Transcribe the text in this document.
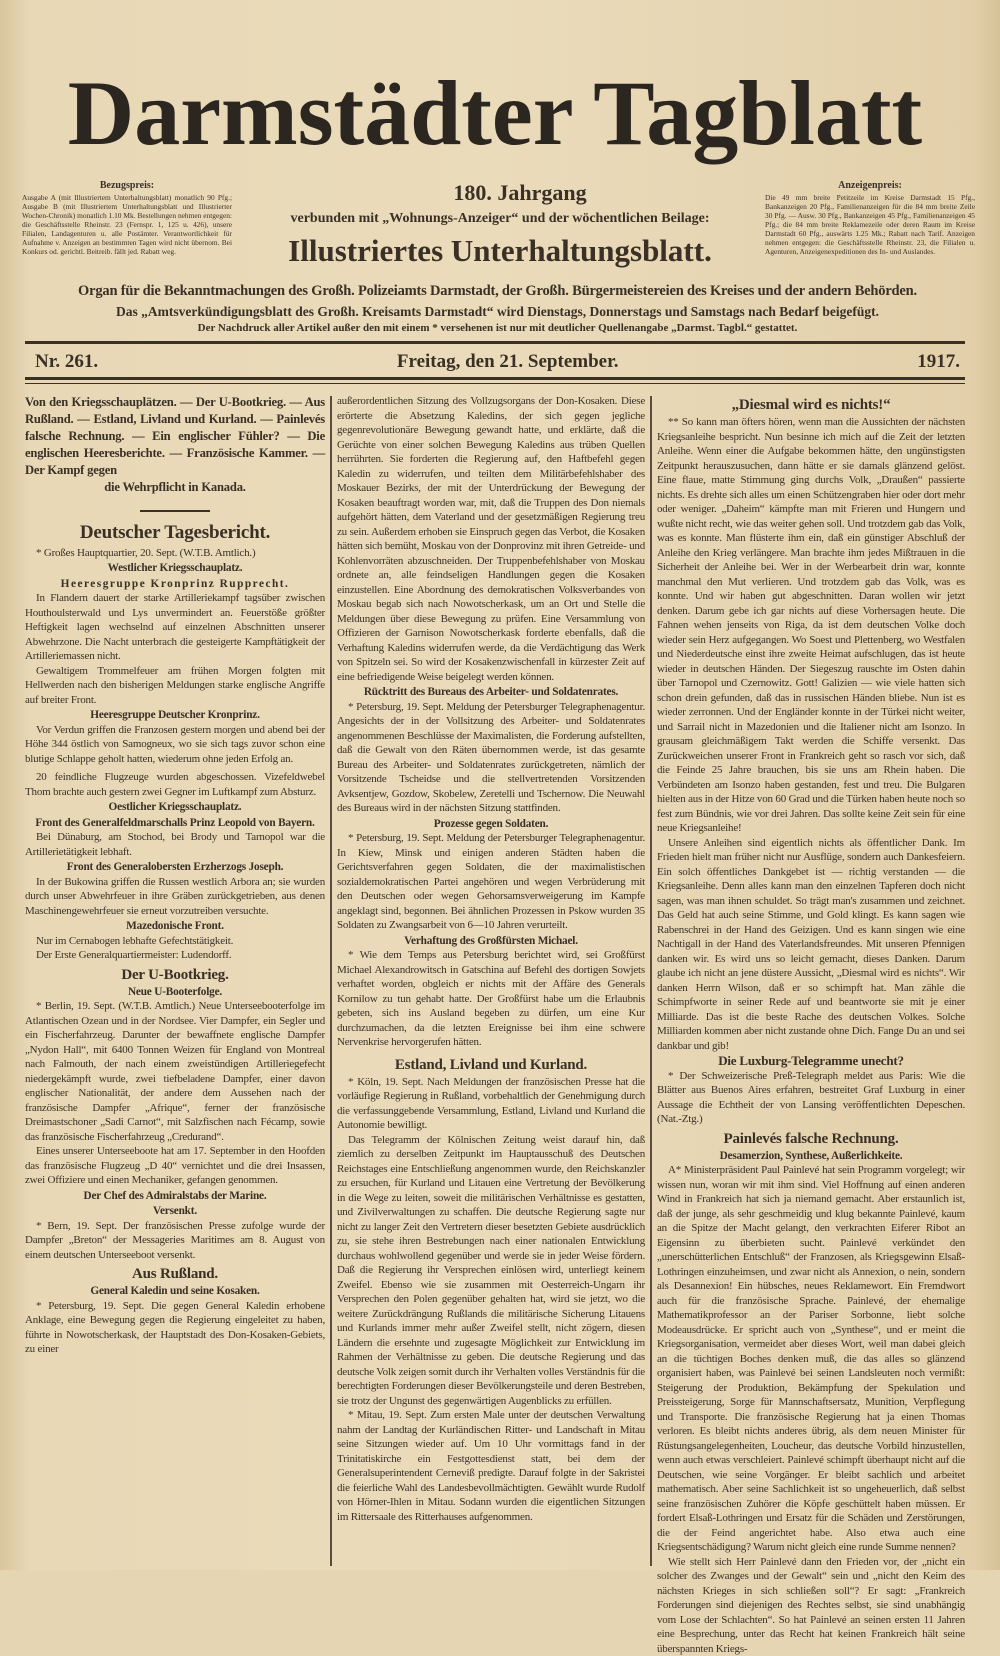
Darmstädter Tagblatt
Bezugspreis:
Ausgabe A (mit Illustriertem Unterhaltungsblatt) monatlich 90 Pfg.; Ausgabe B (mit Illustriertem Unterhaltungsblatt und Illustrierter Wochen-Chronik) monatlich 1.10 Mk. Bestellungen nehmen entgegen: die Geschäftsstelle Rheinstr. 23 (Fernspr. 1, 125 u. 426), unsere Filialen, Landagenturen u. alle Postämter. Verantwortlichkeit für Aufnahme v. Anzeigen an bestimmten Tagen wird nicht übernom. Bei Konkurs od. gerichtl. Beitreib. fällt jed. Rabatt weg.
Anzeigenpreis:
Die 49 mm breite Petitzeile im Kreise Darmstadt 15 Pfg., Bankanzeigen 20 Pfg., Familienanzeigen für die 84 mm breite Zeile 30 Pfg. — Ausw. 30 Pfg., Bankanzeigen 45 Pfg., Familienanzeigen 45 Pfg.; die 84 mm breite Reklamezeile oder deren Raum im Kreise Darmstadt 60 Pfg., auswärts 1.25 Mk.; Rabatt nach Tarif. Anzeigen nehmen entgegen: die Geschäftsstelle Rheinstr. 23, die Filialen u. Agenturen, Anzeigenexpeditionen des In- und Auslandes.
180. Jahrgang
verbunden mit „Wohnungs-Anzeiger“ und der wöchentlichen Beilage:
Illustriertes Unterhaltungsblatt.
Organ für die Bekanntmachungen des Großh. Polizeiamts Darmstadt, der Großh. Bürgermeistereien des Kreises und der andern Behörden.
Das „Amtsverkündigungsblatt des Großh. Kreisamts Darmstadt“ wird Dienstags, Donnerstags und Samstags nach Bedarf beigefügt.
Der Nachdruck aller Artikel außer den mit einem * versehenen ist nur mit deutlicher Quellenangabe „Darmst. Tagbl.“ gestattet.
Nr. 261.	Freitag, den 21. September.	1917.

Von den Kriegsschauplätzen. — Der U-Bootkrieg. — Aus Rußland. — Estland, Livland und Kurland. — Painlevés falsche Rechnung. — Ein englischer Fühler? — Die englischen Heeresberichte. — Französische Kammer. — Der Kampf gegen

die Wehrpflicht in Kanada.
Deutscher Tagesbericht.

* Großes Hauptquartier, 20. Sept. (W.T.B. Amtlich.)

Westlicher Kriegsschauplatz.
Heeresgruppe Kronprinz Rupprecht.

In Flandern dauert der starke Artilleriekampf tagsüber zwischen Houthoulsterwald und Lys unvermindert an. Feuerstöße größter Heftigkeit lagen wechselnd auf einzelnen Abschnitten unserer Abwehrzone. Die Nacht unterbrach die gesteigerte Kampftätigkeit der Artilleriemassen nicht.

Gewaltigem Trommelfeuer am frühen Morgen folgten mit Hellwerden nach den bisherigen Meldungen starke englische Angriffe auf breiter Front.

Heeresgruppe Deutscher Kronprinz.

Vor Verdun griffen die Franzosen gestern morgen und abend bei der Höhe 344 östlich von Samogneux, wo sie sich tags zuvor schon eine blutige Schlappe geholt hatten, wiederum ohne jeden Erfolg an.

20 feindliche Flugzeuge wurden abgeschossen. Vizefeldwebel Thom brachte auch gestern zwei Gegner im Luftkampf zum Absturz.

Oestlicher Kriegsschauplatz.
Front des Generalfeldmarschalls Prinz Leopold von Bayern.

Bei Dünaburg, am Stochod, bei Brody und Tarnopol war die Artillerietätigkeit lebhaft.

Front des Generalobersten Erzherzogs Joseph.

In der Bukowina griffen die Russen westlich Arbora an; sie wurden durch unser Abwehrfeuer in ihre Gräben zurückgetrieben, aus denen Maschinengewehrfeuer sie erneut vorzutreiben versuchte.

Mazedonische Front.

Nur im Cernabogen lebhafte Gefechtstätigkeit.

Der Erste Generalquartiermeister: Ludendorff.

Der U-Bootkrieg.
Neue U-Booterfolge.

* Berlin, 19. Sept. (W.T.B. Amtlich.) Neue Unterseebooterfolge im Atlantischen Ozean und in der Nordsee. Vier Dampfer, ein Segler und ein Fischerfahrzeug. Darunter der bewaffnete englische Dampfer „Nydon Hall“, mit 6400 Tonnen Weizen für England von Montreal nach Falmouth, der nach einem zweistündigen Artilleriegefecht niedergekämpft wurde, zwei tiefbeladene Dampfer, einer davon englischer Nationalität, der andere dem Aussehen nach der französische Dampfer „Afrique“, ferner der französische Dreimastschoner „Sadi Carnot“, mit Salzfischen nach Fécamp, sowie das französische Fischerfahrzeug „Credurand“.

Eines unserer Unterseeboote hat am 17. September in den Hoofden das französische Flugzeug „D 40“ vernichtet und die drei Insassen, zwei Offiziere und einen Mechaniker, gefangen genommen.

Der Chef des Admiralstabs der Marine.
Versenkt.

* Bern, 19. Sept. Der französischen Presse zufolge wurde der Dampfer „Breton“ der Messageries Maritimes am 8. August von einem deutschen Unterseeboot versenkt.

Aus Rußland.
General Kaledin und seine Kosaken.

* Petersburg, 19. Sept. Die gegen General Kaledin erhobene Anklage, eine Bewegung gegen die Regierung eingeleitet zu haben, führte in Nowotscherkask, der Hauptstadt des Don-Kosaken-Gebiets, zu einer

außerordentlichen Sitzung des Vollzugsorgans der Don-Kosaken. Diese erörterte die Absetzung Kaledins, der sich gegen jegliche gegenrevolutionäre Bewegung gewandt hatte, und erklärte, daß die Gerüchte von einer solchen Bewegung Kaledins aus trüben Quellen herrührten. Sie forderten die Regierung auf, den Haftbefehl gegen Kaledin zu widerrufen, und teilten dem Militärbefehlshaber des Moskauer Bezirks, der mit der Unterdrückung der Bewegung der Kosaken beauftragt worden war, mit, daß die Truppen des Don niemals aufgehört hätten, dem Vaterland und der gesetzmäßigen Regierung treu zu sein. Außerdem erhoben sie Einspruch gegen das Verbot, die Kosaken hätten sich bemüht, Moskau von der Donprovinz mit ihren Getreide- und Kohlenvorräten abzuschneiden. Der Truppenbefehlshaber von Moskau ordnete an, alle feindseligen Handlungen gegen die Kosaken einzustellen. Eine Abordnung des demokratischen Volksverbandes von Moskau begab sich nach Nowotscherkask, um an Ort und Stelle die Meldungen über diese Bewegung zu prüfen. Eine Versammlung von Offizieren der Garnison Nowotscherkask forderte ebenfalls, daß die Verhaftung Kaledins widerrufen werde, da die Verdächtigung das Werk von Spitzeln sei. So wird der Kosakenzwischenfall in kürzester Zeit auf eine befriedigende Weise beigelegt werden können.

Rücktritt des Bureaus des Arbeiter- und Soldatenrates.

* Petersburg, 19. Sept. Meldung der Petersburger Telegraphenagentur. Angesichts der in der Vollsitzung des Arbeiter- und Soldatenrates angenommenen Beschlüsse der Maximalisten, die Forderung aufstellten, daß die Gewalt von den Räten übernommen werde, ist das gesamte Bureau des Arbeiter- und Soldatenrates zurückgetreten, nämlich der Vorsitzende Tscheidse und die stellvertretenden Vorsitzenden Avksentjew, Gozdow, Skobelew, Zeretelli und Tschernow. Die Neuwahl des Bureaus wird in der nächsten Sitzung stattfinden.

Prozesse gegen Soldaten.

* Petersburg, 19. Sept. Meldung der Petersburger Telegraphenagentur. In Kiew, Minsk und einigen anderen Städten haben die Gerichtsverfahren gegen Soldaten, die der maximalistischen sozialdemokratischen Partei angehören und wegen Verbrüderung mit den Deutschen oder wegen Gehorsamsverweigerung im Kampfe angeklagt sind, begonnen. Bei ähnlichen Prozessen in Pskow wurden 35 Soldaten zu Zwangsarbeit von 6—10 Jahren verurteilt.

Verhaftung des Großfürsten Michael.

* Wie dem Temps aus Petersburg berichtet wird, sei Großfürst Michael Alexandrowitsch in Gatschina auf Befehl des dortigen Sowjets verhaftet worden, obgleich er nichts mit der Affäre des Generals Kornilow zu tun gehabt hatte. Der Großfürst habe um die Erlaubnis gebeten, sich ins Ausland begeben zu dürfen, um eine Kur durchzumachen, da die letzten Ereignisse bei ihm eine schwere Nervenkrise hervorgerufen hätten.

Estland, Livland und Kurland.

* Köln, 19. Sept. Nach Meldungen der französischen Presse hat die vorläufige Regierung in Rußland, vorbehaltlich der Genehmigung durch die verfassunggebende Versammlung, Estland, Livland und Kurland die Autonomie bewilligt.

Das Telegramm der Kölnischen Zeitung weist darauf hin, daß ziemlich zu derselben Zeitpunkt im Hauptausschuß des Deutschen Reichstages eine Entschließung angenommen wurde, den Reichskanzler zu ersuchen, für Kurland und Litauen eine Vertretung der Bevölkerung in die Wege zu leiten, soweit die militärischen Verhältnisse es gestatten, und Zivilverwaltungen zu schaffen. Die deutsche Regierung sagte nur nicht zu langer Zeit den Vertretern dieser besetzten Gebiete ausdrücklich zu, sie stehe ihren Bestrebungen nach einer nationalen Entwicklung durchaus wohlwollend gegenüber und werde sie in jeder Weise fördern. Daß die Regierung ihr Versprechen einlösen wird, unterliegt keinem Zweifel. Ebenso wie sie zusammen mit Oesterreich-Ungarn ihr Versprechen den Polen gegenüber gehalten hat, wird sie jetzt, wo die weitere Zurückdrängung Rußlands die militärische Sicherung Litauens und Kurlands immer mehr außer Zweifel stellt, nicht zögern, diesen Ländern die ersehnte und zugesagte Möglichkeit zur Entwicklung im Rahmen der Verhältnisse zu geben. Die deutsche Regierung und das deutsche Volk zeigen somit durch ihr Verhalten volles Verständnis für die berechtigten Forderungen dieser Bevölkerungsteile und deren Bestreben, sie trotz der Ungunst des gegenwärtigen Augenblicks zu erfüllen.

* Mitau, 19. Sept. Zum ersten Male unter der deutschen Verwaltung nahm der Landtag der Kurländischen Ritter- und Landschaft in Mitau seine Sitzungen wieder auf. Um 10 Uhr vormittags fand in der Trinitatiskirche ein Festgottesdienst statt, bei dem der Generalsuperintendent Cerneviß predigte. Darauf folgte in der Sakristei die feierliche Wahl des Landesbevollmächtigten. Gewählt wurde Rudolf von Hörner-Ihlen in Mitau. Sodann wurden die eigentlichen Sitzungen im Rittersaale des Ritterhauses aufgenommen.

„Diesmal wird es nichts!“

** So kann man öfters hören, wenn man die Aussichten der nächsten Kriegsanleihe bespricht. Nun besinne ich mich auf die Zeit der letzten Anleihe. Wenn einer die Aufgabe bekommen hätte, den ungünstigsten Zeitpunkt herauszusuchen, dann hätte er sie damals glänzend gelöst. Eine flaue, matte Stimmung ging durchs Volk, „Draußen“ passierte nichts. Es drehte sich alles um einen Schützengraben hier oder dort mehr oder weniger. „Daheim“ kämpfte man mit Frieren und Hungern und wußte nicht recht, wie das weiter gehen soll. Und trotzdem gab das Volk, was es konnte. Man flüsterte ihm ein, daß ein günstiger Abschluß der Anleihe den Krieg verlängere. Man brachte ihm jedes Mißtrauen in die Sicherheit der Anleihe bei. Wer in der Werbearbeit drin war, konnte manchmal den Mut verlieren. Und trotzdem gab das Volk, was es konnte. Und wir haben gut abgeschnitten. Daran wollen wir jetzt denken. Darum gebe ich gar nichts auf diese Vorhersagen heute. Die Fahnen wehen jenseits von Riga, da ist dem deutschen Volke doch wieder sein Herz aufgegangen. Wo Soest und Plettenberg, wo Westfalen und Niederdeutsche einst ihre zweite Heimat aufschlugen, das ist heute wieder in deutschen Händen. Der Siegeszug rauschte im Osten dahin über Tarnopol und Czernowitz. Gott! Galizien — wie viele hatten sich schon drein gefunden, daß das in russischen Händen bliebe. Nun ist es wieder zerronnen. Und der Engländer konnte in der Türkei nicht weiter, und Sarrail nicht in Mazedonien und die Italiener nicht am Isonzo. In grausam gleichmäßigem Takt werden die Schiffe versenkt. Das Zurückweichen unserer Front in Frankreich geht so rasch vor sich, daß die Feinde 25 Jahre brauchen, bis sie uns am Rhein haben. Die Verbündeten am Isonzo haben gestanden, fest und treu. Die Bulgaren hielten aus in der Hitze von 60 Grad und die Türken haben heute noch so fest zum Bündnis, wie vor drei Jahren. Das sollte keine Zeit sein für eine neue Kriegsanleihe!

Unsere Anleihen sind eigentlich nichts als öffentlicher Dank. Im Frieden hielt man früher nicht nur Ausflüge, sondern auch Dankesfeiern. Ein solch öffentliches Dankgebet ist — richtig verstanden — die Kriegsanleihe. Denn alles kann man den einzelnen Tapferen doch nicht sagen, was man ihnen schuldet. So trägt man's zusammen und zeichnet. Das Geld hat auch seine Stimme, und Gold klingt. Es kann sagen wie Rabenschrei in der Hand des Geizigen. Und es kann singen wie eine Nachtigall in der Hand des Vaterlandsfreundes. Mit unseren Pfennigen danken wir. Es wird uns so leicht gemacht, dieses Danken. Darum glaube ich nicht an jene düstere Aussicht, „Diesmal wird es nichts“. Wir danken Herrn Wilson, daß er so schimpft hat. Man zähle die Schimpfworte in seiner Rede auf und beantworte sie mit je einer Milliarde. Das ist die beste Rache des deutschen Volkes. Solche Milliarden kommen aber nicht zustande ohne Dich. Fange Du an und sei dankbar und gib!

Die Luxburg-Telegramme unecht?

* Der Schweizerische Preß-Telegraph meldet aus Paris: Wie die Blätter aus Buenos Aires erfahren, bestreitet Graf Luxburg in einer Aussage die Echtheit der von Lansing veröffentlichten Depeschen. (Nat.-Ztg.)

Painlevés falsche Rechnung.
Desamerzion, Synthese, Außerlichkeite.

A* Ministerpräsident Paul Painlevé hat sein Programm vorgelegt; wir wissen nun, woran wir mit ihm sind. Viel Hoffnung auf einen anderen Wind in Frankreich hat sich ja niemand gemacht. Aber erstaunlich ist, daß der junge, als sehr geschmeidig und klug bekannte Painlevé, kaum an die Spitze der Macht gelangt, den verkrachten Eiferer Ribot an Eigensinn zu überbieten sucht. Painlevé verkündet den „unerschütterlichen Entschluß“ der Franzosen, als Kriegsgewinn Elsaß-Lothringen einzuheimsen, und zwar nicht als Annexion, o nein, sondern als Desannexion! Ein hübsches, neues Reklamewort. Ein Fremdwort auch für die französische Sprache. Painlevé, der ehemalige Mathematikprofessor an der Pariser Sorbonne, liebt solche Modeausdrücke. Er spricht auch von „Synthese“, und er meint die Kriegsorganisation, vermeidet aber dieses Wort, weil man dabei gleich an die tüchtigen Boches denken muß, die das alles so glänzend organisiert haben, was Painlevé bei seinen Landsleuten noch vermißt: Steigerung der Produktion, Bekämpfung der Spekulation und Preissteigerung, Sorge für Mannschaftsersatz, Munition, Verpflegung und Transporte. Die französische Regierung hat ja einen Thomas verloren. Es bleibt nichts anderes übrig, als dem neuen Minister für Rüstungsangelegenheiten, Loucheur, das deutsche Vorbild hinzustellen, wenn auch etwas verschleiert. Painlevé schimpft überhaupt nicht auf die Deutschen, wie seine Vorgänger. Er bleibt sachlich und arbeitet mathematisch. Aber seine Sachlichkeit ist so ungeheuerlich, daß selbst seine französischen Zuhörer die Köpfe geschüttelt haben müssen. Er fordert Elsaß-Lothringen und Ersatz für die Schäden und Zerstörungen, die der Feind angerichtet habe. Also etwa auch eine Kriegsentschädigung? Warum nicht gleich eine runde Summe nennen?

Wie stellt sich Herr Painlevé dann den Frieden vor, der „nicht ein solcher des Zwanges und der Gewalt“ sein und „nicht den Keim des nächsten Krieges in sich schließen soll“? Er sagt: „Frankreich Forderungen sind diejenigen des Rechtes selbst, sie sind unabhängig vom Lose der Schlachten“. So hat Painlevé an seinen ersten 11 Jahren eine Besprechung, unter das Recht hat keinen Frankreich hält seine überspannten Kriegs-
